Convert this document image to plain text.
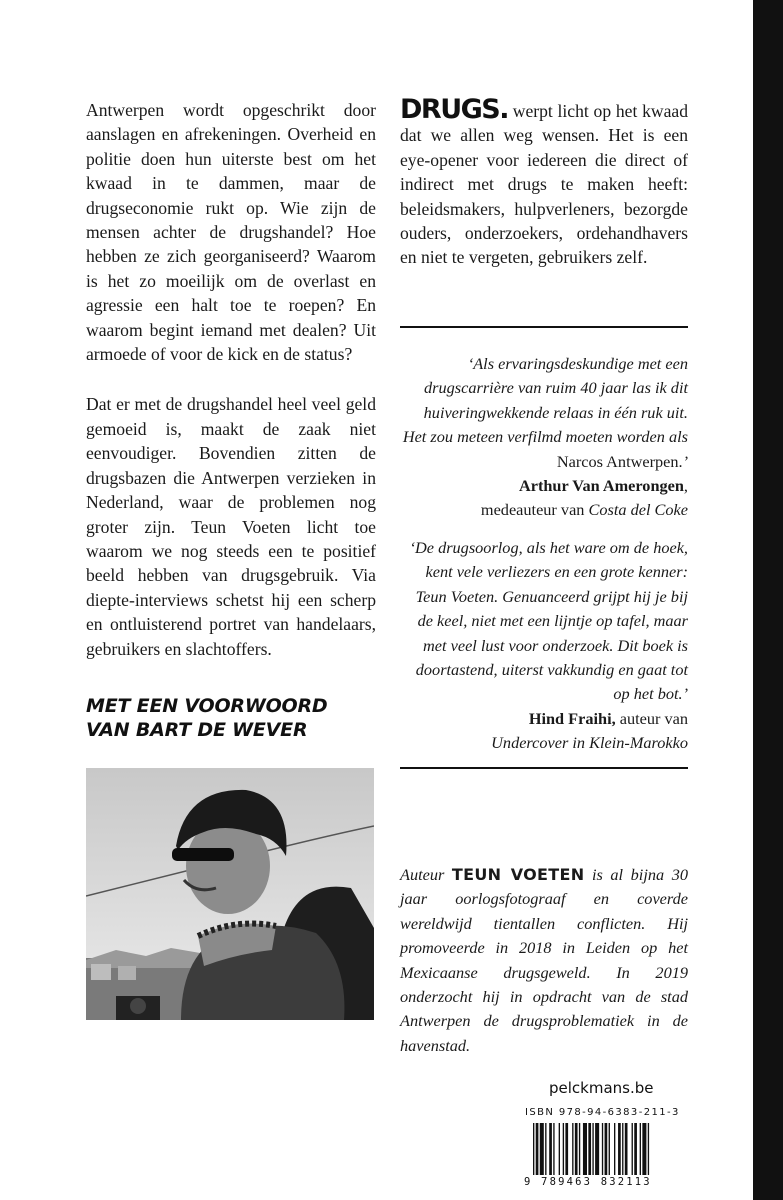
Antwerpen wordt opgeschrikt door aanslagen en afrekeningen. Overheid en politie doen hun uiterste best om het kwaad in te dammen, maar de drugseconomie rukt op. Wie zijn de mensen achter de drugshandel? Hoe hebben ze zich georganiseerd? Waarom is het zo moeilijk om de overlast en agressie een halt toe te roepen? En waarom begint iemand met dealen? Uit armoede of voor de kick en de status?

Dat er met de drugshandel heel veel geld gemoeid is, maakt de zaak niet eenvoudiger. Bovendien zitten de drugsbazen die Antwerpen verzieken in Nederland, waar de problemen nog groter zijn. Teun Voeten licht toe waarom we nog steeds een te positief beeld hebben van drugsgebruik. Via diepte-interviews schetst hij een scherp en ontluisterend portret van handelaars, gebruikers en slachtoffers.

MET EEN VOORWOORD
VAN BART DE WEVER

DRUGS. werpt licht op het kwaad dat we allen weg wensen. Het is een eye-opener voor iedereen die direct of indirect met drugs te maken heeft: beleidsmakers, hulpverleners, bezorgde ouders, onderzoekers, ordehandhavers en niet te vergeten, gebruikers zelf.

‘Als ervaringsdeskundige met een drugscarrière van ruim 40 jaar las ik dit huiveringwekkende relaas in één ruk uit. Het zou meteen verfilmd moeten worden als Narcos Antwerpen.’
Arthur Van Amerongen,
medeauteur van Costa del Coke
‘De drugsoorlog, als het ware om de hoek, kent vele verliezers en een grote kenner: Teun Voeten. Genuanceerd grijpt hij je bij de keel, niet met een lijntje op tafel, maar met veel lust voor onderzoek. Dit boek is doortastend, uiterst vakkundig en gaat tot op het bot.’
Hind Fraihi, auteur van
Undercover in Klein-Marokko
Auteur TEUN VOETEN is al bijna 30 jaar oorlogsfotograaf en coverde wereldwijd tientallen conflicten. Hij promoveerde in 2018 in Leiden op het Mexicaanse drugsgeweld. In 2019 onderzocht hij in opdracht van de stad Antwerpen de drugsproblematiek in de havenstad.
pelckmans.be
ISBN 978-94-6383-211-3
9 789463 832113
